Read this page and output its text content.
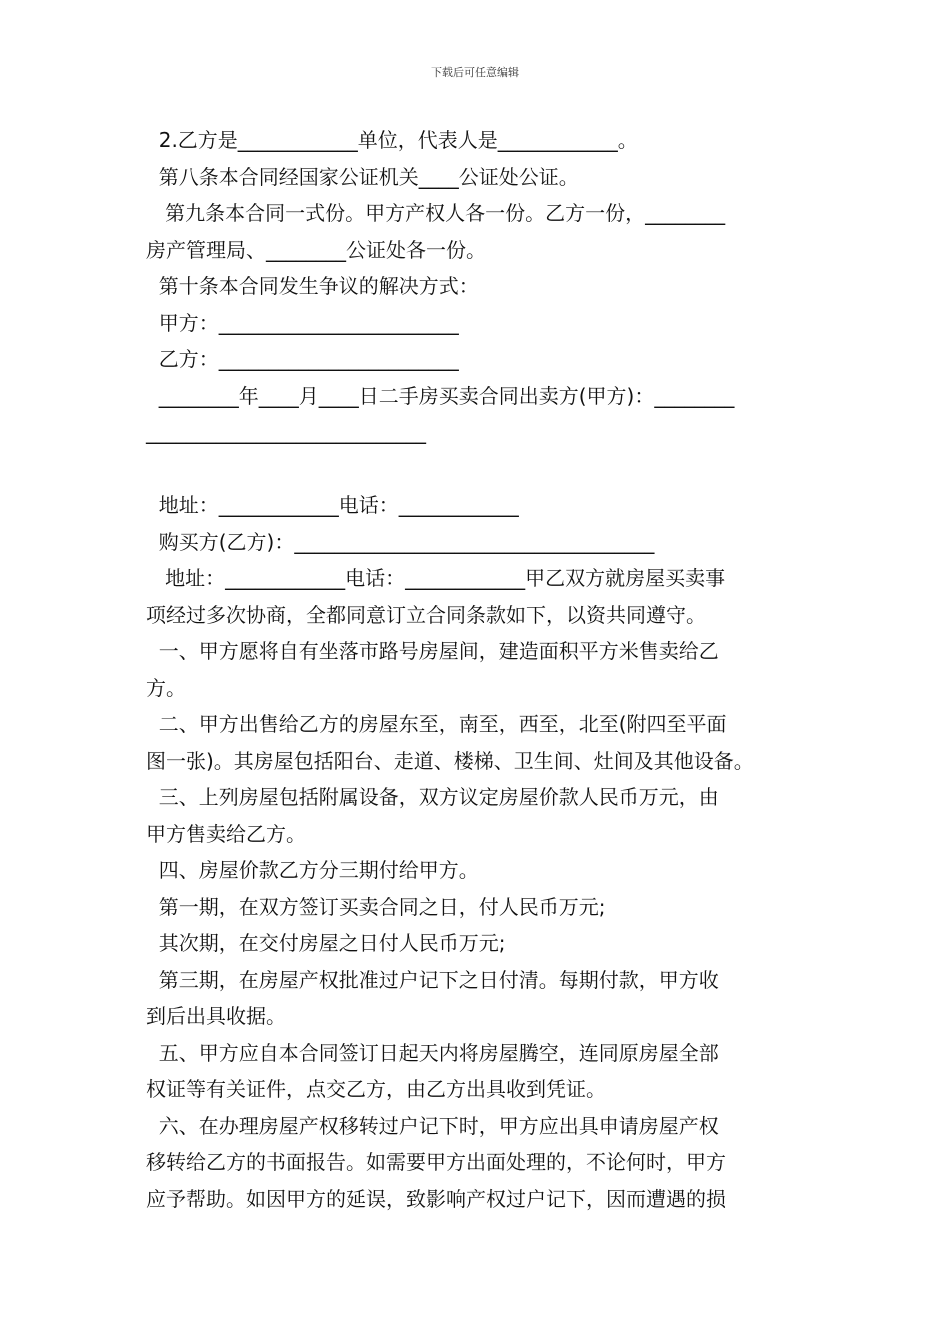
下载后可任意编辑

2.乙方是____________单位，代表人是____________。

第八条本合同经国家公证机关____公证处公证。

第九条本合同一式份。甲方产权人各一份。乙方一份，________

房产管理局、________公证处各一份。

第十条本合同发生争议的解决方式：

甲方：________________________

乙方：________________________

________年____月____日二手房买卖合同出卖方(甲方)：________

____________________________

地址：____________电话：____________

购买方(乙方)：____________________________________

地址：____________电话：____________甲乙双方就房屋买卖事

项经过多次协商，全都同意订立合同条款如下，以资共同遵守。

一、甲方愿将自有坐落市路号房屋间，建造面积平方米售卖给乙

方。

二、甲方出售给乙方的房屋东至，南至，西至，北至(附四至平面

图一张)。其房屋包括阳台、走道、楼梯、卫生间、灶间及其他设备。

三、上列房屋包括附属设备，双方议定房屋价款人民币万元，由

甲方售卖给乙方。

四、房屋价款乙方分三期付给甲方。

第一期，在双方签订买卖合同之日，付人民币万元;

其次期，在交付房屋之日付人民币万元;

第三期，在房屋产权批准过户记下之日付清。每期付款，甲方收

到后出具收据。

五、甲方应自本合同签订日起天内将房屋腾空，连同原房屋全部

权证等有关证件，点交乙方，由乙方出具收到凭证。

六、在办理房屋产权移转过户记下时，甲方应出具申请房屋产权

移转给乙方的书面报告。如需要甲方出面处理的，不论何时，甲方

应予帮助。如因甲方的延误，致影响产权过户记下，因而遭遇的损
